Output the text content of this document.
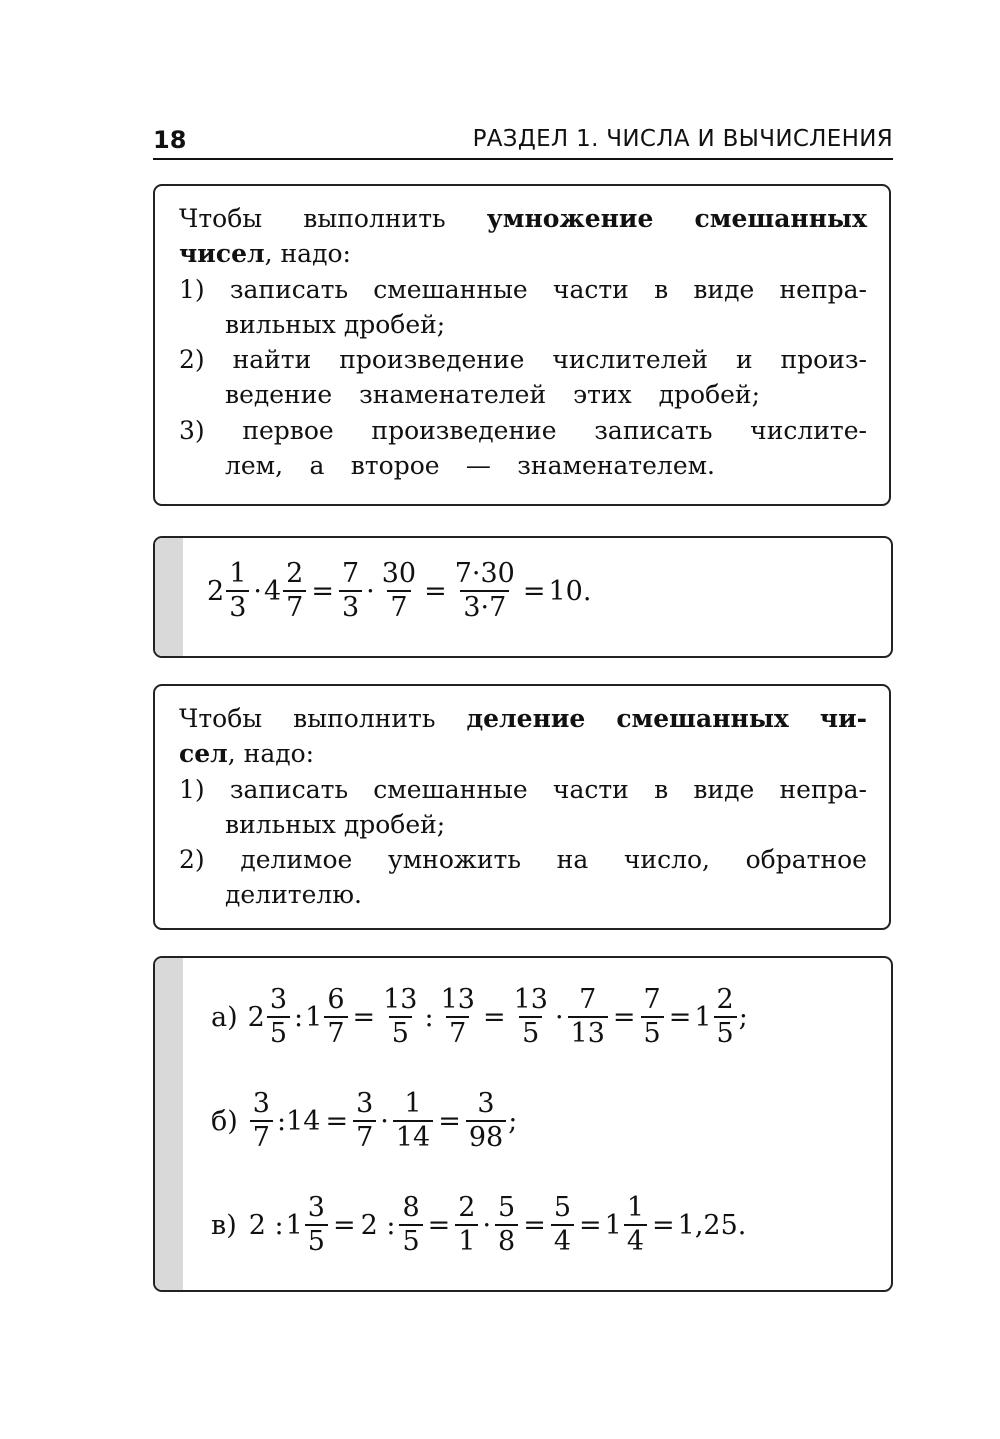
18	РАЗДЕЛ 1. ЧИСЛА И ВЫЧИСЛЕНИЯ
Чтобы выполнить умножение смешанных
чисел, надо:
1) записать смешанные части в виде непра-
вильных дробей;
2) найти произведение числителей и произ-
ведение знаменателей этих дробей;
3) первое произведение записать числите-
лем, а второе — знаменателем.
$2 \frac{1}{3} \cdot 4 \frac{2}{7} = \frac{7}{3} \cdot \frac{30}{7} = \frac{7\cdot 30}{3\cdot 7} = 10$.
Чтобы выполнить деление смешанных чи-
сел, надо:
1) записать смешанные части в виде непра-
вильных дробей;
2) делимое умножить на число, обратное
делителю.
а) $2 \frac{3}{5}$ : $1 \frac{6}{7} = \frac{13}{5}$ : $\frac{13}{7} = \frac{13}{5} \cdot \frac{7}{13} = \frac{7}{5} = 1 \frac{2}{5}$ ;
$б) \frac{3}{7}$ :14 = $\frac{3}{7} \cdot \frac{1}{14} = \frac{3}{98}$ ;
в) 2 : $1 \frac{3}{5} = 2$ : $\frac{8}{5} = \frac{2}{1} \cdot \frac{5}{8} = \frac{5}{4} = 1 \frac{1}{4} = 1,25$.
